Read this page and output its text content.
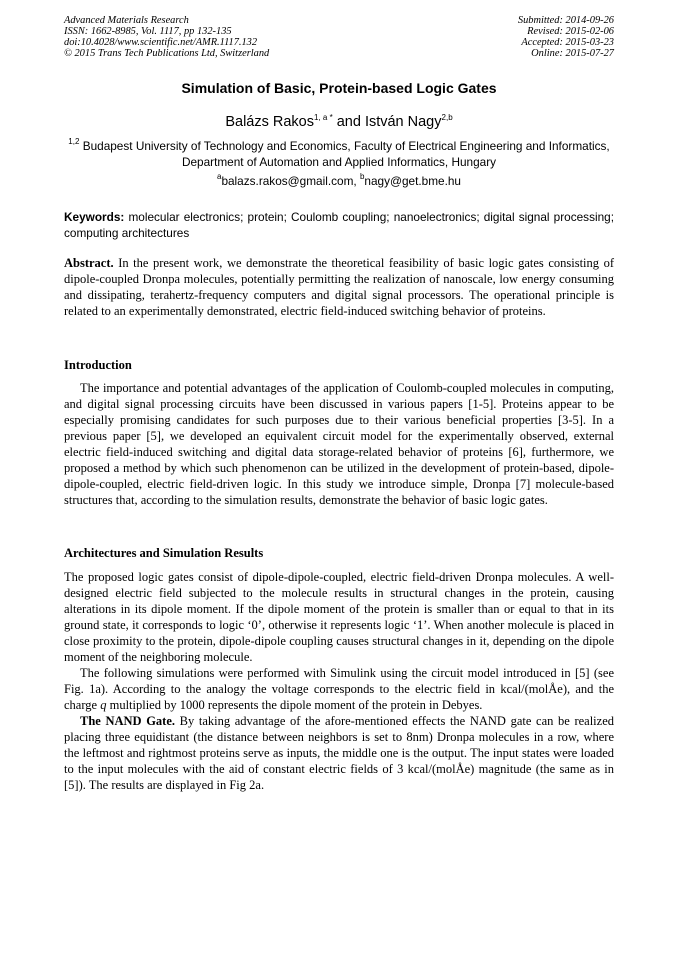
Advanced Materials Research
ISSN: 1662-8985, Vol. 1117, pp 132-135
doi:10.4028/www.scientific.net/AMR.1117.132
© 2015 Trans Tech Publications Ltd, Switzerland
Submitted: 2014-09-26
Revised: 2015-02-06
Accepted: 2015-03-23
Online: 2015-07-27
Simulation of Basic, Protein-based Logic Gates
Balázs Rakos$^{1, a *}$ and István Nagy$^{2,b}$
$^{1,2}$ Budapest University of Technology and Economics, Faculty of Electrical Engineering and Informatics, Department of Automation and Applied Informatics, Hungary
$^a$balazs.rakos@gmail.com, $^b$nagy@get.bme.hu
Keywords: molecular electronics; protein; Coulomb coupling; nanoelectronics; digital signal processing; computing architectures

Abstract. In the present work, we demonstrate the theoretical feasibility of basic logic gates consisting of dipole-coupled Dronpa molecules, potentially permitting the realization of nanoscale, low energy consuming and dissipating, terahertz-frequency computers and digital signal processors. The operational principle is related to an experimentally demonstrated, electric field-induced switching behavior of proteins.

Introduction

The importance and potential advantages of the application of Coulomb-coupled molecules in computing, and digital signal processing circuits have been discussed in various papers [1-5]. Proteins appear to be especially promising candidates for such purposes due to their various beneficial properties [3-5]. In a previous paper [5], we developed an equivalent circuit model for the experimentally observed, external electric field-induced switching and digital data storage-related behavior of proteins [6], furthermore, we proposed a method by which such phenomenon can be utilized in the development of protein-based, dipole-dipole-coupled, electric field-driven logic. In this study we introduce simple, Dronpa [7] molecule-based structures that, according to the simulation results, demonstrate the behavior of basic logic gates.

Architectures and Simulation Results

The proposed logic gates consist of dipole-dipole-coupled, electric field-driven Dronpa molecules. A well-designed electric field subjected to the molecule results in structural changes in the protein, causing alterations in its dipole moment. If the dipole moment of the protein is smaller than or equal to that in its ground state, it corresponds to logic ‘0’, otherwise it represents logic ‘1’. When another molecule is placed in close proximity to the protein, dipole-dipole coupling causes structural changes in it, depending on the dipole moment of the neighboring molecule.

The following simulations were performed with Simulink using the circuit model introduced in [5] (see Fig. 1a). According to the analogy the voltage corresponds to the electric field in kcal/(molÅe), and the charge q multiplied by 1000 represents the dipole moment of the protein in Debyes.

The NAND Gate. By taking advantage of the afore-mentioned effects the NAND gate can be realized placing three equidistant (the distance between neighbors is set to 8nm) Dronpa molecules in a row, where the leftmost and rightmost proteins serve as inputs, the middle one is the output. The input states were loaded to the input molecules with the aid of constant electric fields of 3 kcal/(molÅe) magnitude (the same as in [5]). The results are displayed in Fig 2a.
